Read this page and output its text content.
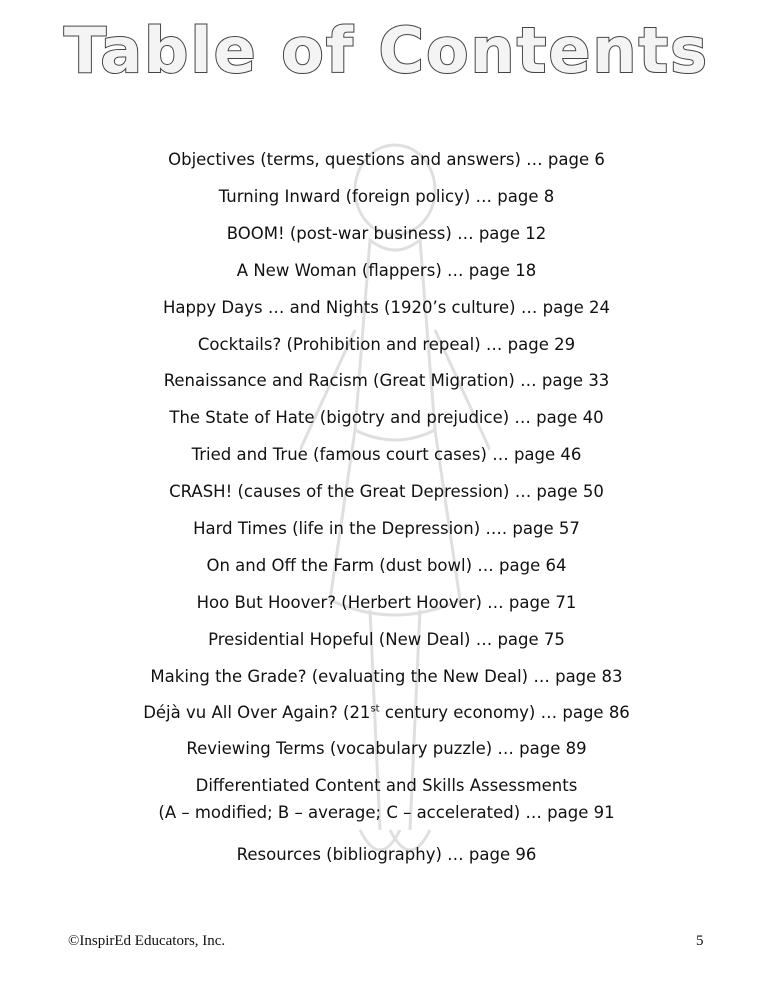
Table of Contents
Objectives (terms, questions and answers) … page 6
Turning Inward (foreign policy) … page 8
BOOM! (post-war business) … page 12
A New Woman (flappers) … page 18
Happy Days … and Nights (1920’s culture) … page 24
Cocktails? (Prohibition and repeal) … page 29
Renaissance and Racism (Great Migration) … page 33
The State of Hate (bigotry and prejudice) … page 40
Tried and True (famous court cases) … page 46
CRASH! (causes of the Great Depression) … page 50
Hard Times (life in the Depression) …. page 57
On and Off the Farm (dust bowl) … page 64
Hoo But Hoover? (Herbert Hoover) … page 71
Presidential Hopeful (New Deal) … page 75
Making the Grade? (evaluating the New Deal) … page 83
Déjà vu All Over Again? (21st century economy) … page 86
Reviewing Terms (vocabulary puzzle) … page 89
Differentiated Content and Skills Assessments
(A – modified; B – average; C – accelerated) … page 91
Resources (bibliography) … page 96
©InspirEd Educators, Inc.	5
